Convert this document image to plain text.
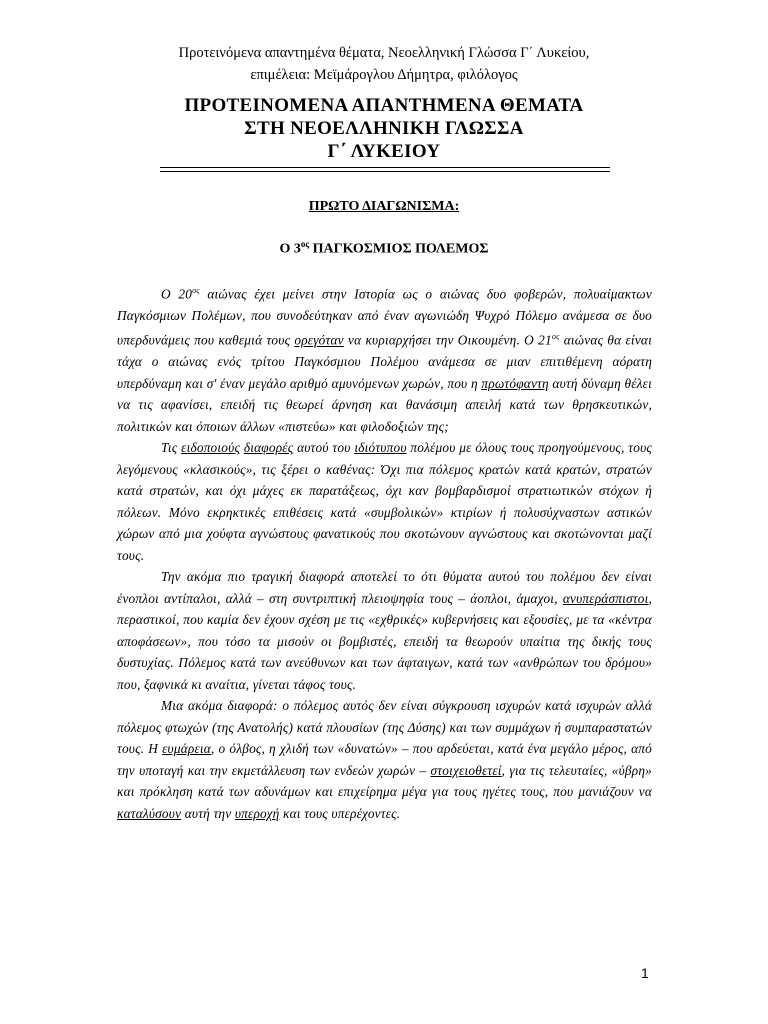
Προτεινόμενα απαντημένα θέματα, Νεοελληνική Γλώσσα Γ΄ Λυκείου,
επιμέλεια: Μεϊμάρογλου Δήμητρα, φιλόλογος
ΠΡΟΤΕΙΝΟΜΕΝΑ ΑΠΑΝΤΗΜΕΝΑ ΘΕΜΑΤΑ
ΣΤΗ ΝΕΟΕΛΛΗΝΙΚΗ ΓΛΩΣΣΑ
Γ΄ ΛΥΚΕΙΟΥ
ΠΡΩΤΟ ΔΙΑΓΩΝΙΣΜΑ:
Ο $3^{o\varsigma}$ ΠΑΓΚΟΣΜΙΟΣ ΠΟΛΕΜΟΣ

Ο $20^{o\varsigma}$ αιώνας έχει μείνει στην Ιστορία ως ο αιώνας δυο φοβερών, πολυαίμακτων Παγκόσμιων Πολέμων, που συνοδεύτηκαν από έναν αγωνιώδη Ψυχρό Πόλεμο ανάμεσα σε δυο υπερδυνάμεις που καθεμιά τους ορεγόταν να κυριαρχήσει την Οικουμένη. Ο $21^{o\varsigma}$ αιώνας θα είναι τάχα ο αιώνας ενός τρίτου Παγκόσμιου Πολέμου ανάμεσα σε μιαν επιτιθέμενη αόρατη υπερδύναμη και σ' έναν μεγάλο αριθμό αμυνόμενων χωρών, που η πρωτόφαντη αυτή δύναμη θέλει να τις αφανίσει, επειδή τις θεωρεί άρνηση και θανάσιμη απειλή κατά των θρησκευτικών, πολιτικών και όποιων άλλων «πιστεύω» και φιλοδοξιών της;

Τις ειδοποιούς διαφορές αυτού του ιδιότυπου πολέμου με όλους τους προηγούμενους, τους λεγόμενους «κλασικούς», τις ξέρει ο καθένας: Όχι πια πόλεμος κρατών κατά κρατών, στρατών κατά στρατών, και όχι μάχες εκ παρατάξεως, όχι καν βομβαρδισμοί στρατιωτικών στόχων ή πόλεων. Μόνο εκρηκτικές επιθέσεις κατά «συμβολικών» κτιρίων ή πολυσύχναστων αστικών χώρων από μια χούφτα αγνώστους φανατικούς που σκοτώνουν αγνώστους και σκοτώνονται μαζί τους.

Την ακόμα πιο τραγική διαφορά αποτελεί το ότι θύματα αυτού του πολέμου δεν είναι ένοπλοι αντίπαλοι, αλλά – στη συντριπτική πλειοψηφία τους – άοπλοι, άμαχοι, ανυπεράσπιστοι, περαστικοί, που καμία δεν έχουν σχέση με τις «εχθρικές» κυβερνήσεις και εξουσίες, με τα «κέντρα αποφάσεων», που τόσο τα μισούν οι βομβιστές, επειδή τα θεωρούν υπαίτια της δικής τους δυστυχίας. Πόλεμος κατά των ανεύθυνων και των άφταιγων, κατά των «ανθρώπων του δρόμου» που, ξαφνικά κι αναίτια, γίνεται τάφος τους.

Μια ακόμα διαφορά: ο πόλεμος αυτός δεν είναι σύγκρουση ισχυρών κατά ισχυρών αλλά πόλεμος φτωχών (της Ανατολής) κατά πλουσίων (της Δύσης) και των συμμάχων ή συμπαραστατών τους. Η ευμάρεια, ο όλβος, η χλιδή των «δυνατών» – που αρδεύεται, κατά ένα μεγάλο μέρος, από την υποταγή και την εκμετάλλευση των ενδεών χωρών – στοιχειοθετεί, για τις τελευταίες, «ύβρη» και πρόκληση κατά των αδυνάμων και επιχείρημα μέγα για τους ηγέτες τους, που μανιάζουν να καταλύσουν αυτή την υπεροχή και τους υπερέχοντες.

1
